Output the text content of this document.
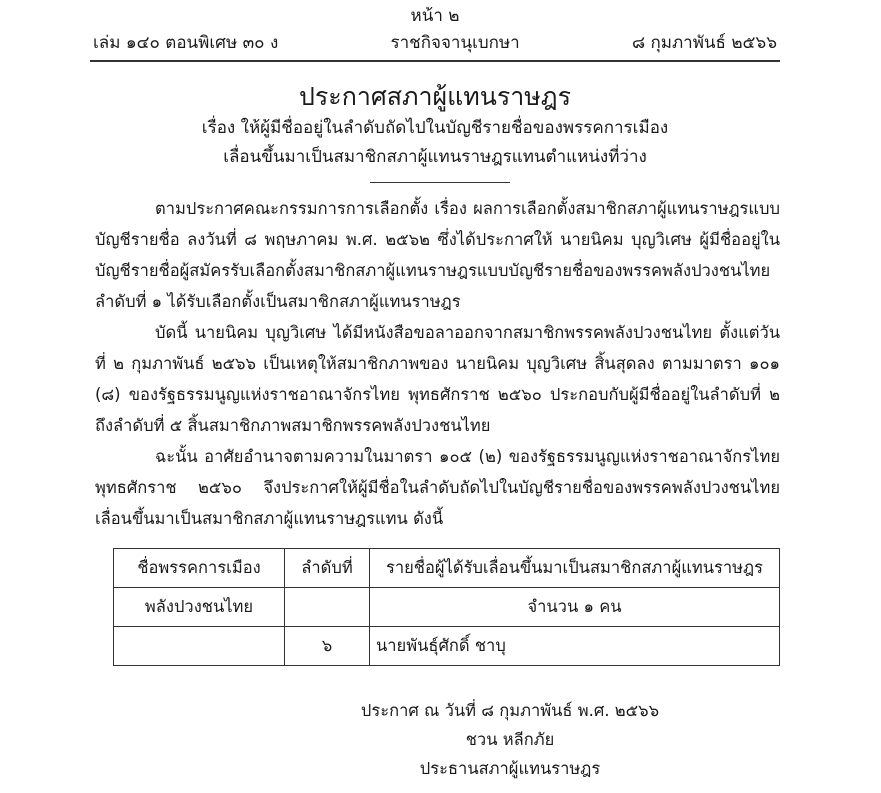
หน้า ๒
เล่ม ๑๔๐ ตอนพิเศษ ๓๐ ง	ราชกิจจานุเบกษา	๘ กุมภาพันธ์ ๒๕๖๖
ประกาศสภาผู้แทนราษฎร
เรื่อง ให้ผู้มีชื่ออยู่ในลำดับถัดไปในบัญชีรายชื่อของพรรคการเมือง
เลื่อนขึ้นมาเป็นสมาชิกสภาผู้แทนราษฎรแทนตำแหน่งที่ว่าง

ตามประกาศคณะกรรมการการเลือกตั้ง เรื่อง ผลการเลือกตั้งสมาชิกสภาผู้แทนราษฎรแบบบัญชีรายชื่อ ลงวันที่ ๘ พฤษภาคม พ.ศ. ๒๕๖๒ ซึ่งได้ประกาศให้ นายนิคม บุญวิเศษ ผู้มีชื่ออยู่ในบัญชีรายชื่อผู้สมัครรับเลือกตั้งสมาชิกสภาผู้แทนราษฎรแบบบัญชีรายชื่อของพรรคพลังปวงชนไทย ลำดับที่ ๑ ได้รับเลือกตั้งเป็นสมาชิกสภาผู้แทนราษฎร

บัดนี้ นายนิคม บุญวิเศษ ได้มีหนังสือขอลาออกจากสมาชิกพรรคพลังปวงชนไทย ตั้งแต่วันที่ ๒ กุมภาพันธ์ ๒๕๖๖ เป็นเหตุให้สมาชิกภาพของ นายนิคม บุญวิเศษ สิ้นสุดลง ตามมาตรา ๑๐๑ (๘) ของรัฐธรรมนูญแห่งราชอาณาจักรไทย พุทธศักราช ๒๕๖๐ ประกอบกับผู้มีชื่ออยู่ในลำดับที่ ๒ ถึงลำดับที่ ๕ สิ้นสมาชิกภาพสมาชิกพรรคพลังปวงชนไทย

ฉะนั้น อาศัยอำนาจตามความในมาตรา ๑๐๕ (๒) ของรัฐธรรมนูญแห่งราชอาณาจักรไทย พุทธศักราช ๒๕๖๐ จึงประกาศให้ผู้มีชื่อในลำดับถัดไปในบัญชีรายชื่อของพรรคพลังปวงชนไทย เลื่อนขึ้นมาเป็นสมาชิกสภาผู้แทนราษฎรแทน ดังนี้

ชื่อพรรคการเมือง	ลำดับที่	รายชื่อผู้ได้รับเลื่อนขึ้นมาเป็นสมาชิกสภาผู้แทนราษฎร
พลังปวงชนไทย		จำนวน ๑ คน
	๖	นายพันธุ์ศักดิ์ ชาบุ
ประกาศ ณ วันที่ ๘ กุมภาพันธ์ พ.ศ. ๒๕๖๖
ชวน หลีกภัย
ประธานสภาผู้แทนราษฎร
